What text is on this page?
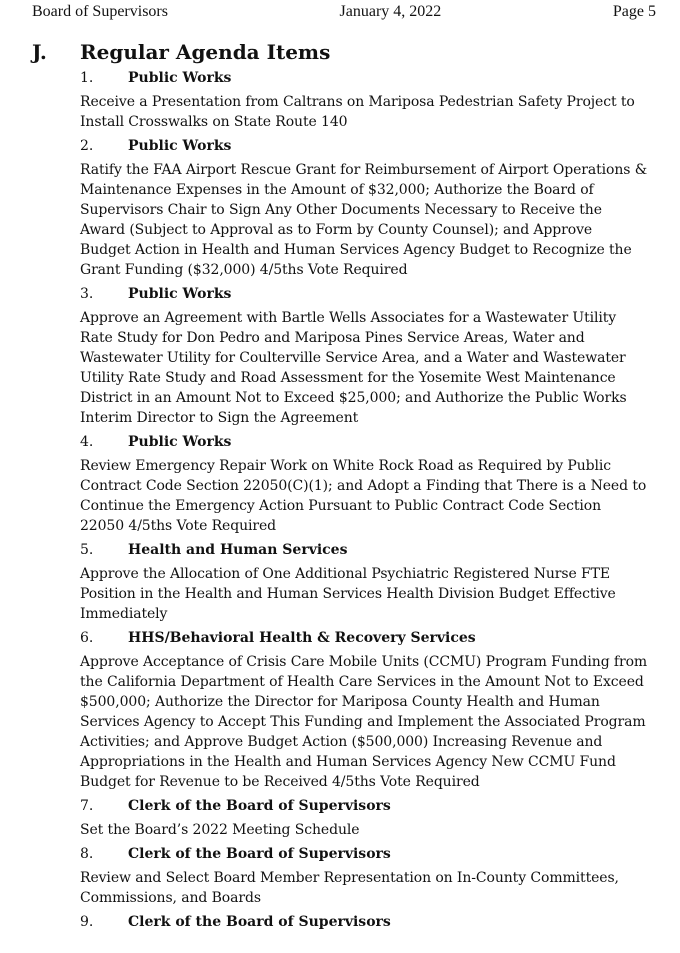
Board of Supervisors	January 4, 2022	Page 5
J.	Regular Agenda Items
1.	Public Works
Receive a Presentation from Caltrans on Mariposa Pedestrian Safety Project to
Install Crosswalks on State Route 140
2.	Public Works
Ratify the FAA Airport Rescue Grant for Reimbursement of Airport Operations &
Maintenance Expenses in the Amount of $32,000; Authorize the Board of
Supervisors Chair to Sign Any Other Documents Necessary to Receive the
Award (Subject to Approval as to Form by County Counsel); and Approve
Budget Action in Health and Human Services Agency Budget to Recognize the
Grant Funding ($32,000) 4/5ths Vote Required
3.	Public Works
Approve an Agreement with Bartle Wells Associates for a Wastewater Utility
Rate Study for Don Pedro and Mariposa Pines Service Areas, Water and
Wastewater Utility for Coulterville Service Area, and a Water and Wastewater
Utility Rate Study and Road Assessment for the Yosemite West Maintenance
District in an Amount Not to Exceed $25,000; and Authorize the Public Works
Interim Director to Sign the Agreement
4.	Public Works
Review Emergency Repair Work on White Rock Road as Required by Public
Contract Code Section 22050(C)(1); and Adopt a Finding that There is a Need to
Continue the Emergency Action Pursuant to Public Contract Code Section
22050 4/5ths Vote Required
5.	Health and Human Services
Approve the Allocation of One Additional Psychiatric Registered Nurse FTE
Position in the Health and Human Services Health Division Budget Effective
Immediately
6.	HHS/Behavioral Health & Recovery Services
Approve Acceptance of Crisis Care Mobile Units (CCMU) Program Funding from
the California Department of Health Care Services in the Amount Not to Exceed
$500,000; Authorize the Director for Mariposa County Health and Human
Services Agency to Accept This Funding and Implement the Associated Program
Activities; and Approve Budget Action ($500,000) Increasing Revenue and
Appropriations in the Health and Human Services Agency New CCMU Fund
Budget for Revenue to be Received 4/5ths Vote Required
7.	Clerk of the Board of Supervisors
Set the Board’s 2022 Meeting Schedule
8.	Clerk of the Board of Supervisors
Review and Select Board Member Representation on In-County Committees,
Commissions, and Boards
9.	Clerk of the Board of Supervisors
